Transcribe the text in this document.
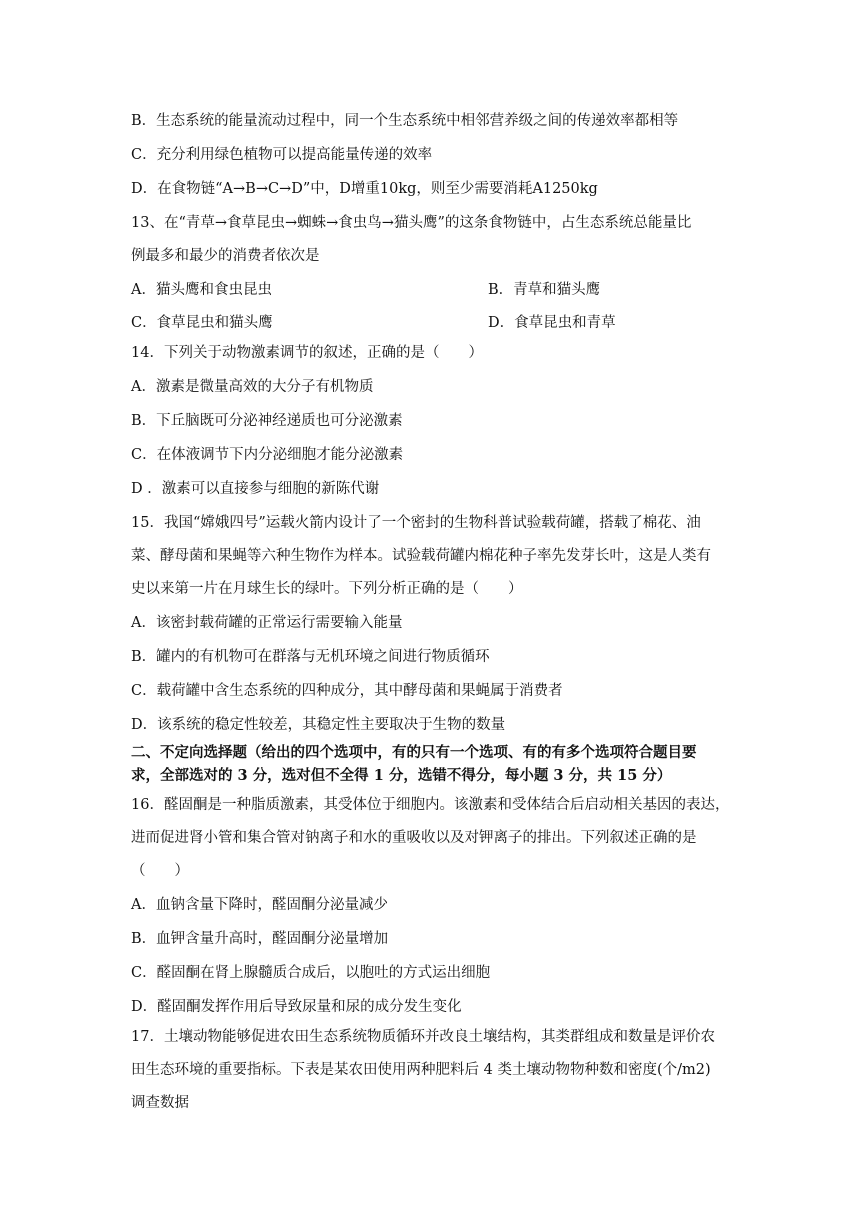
B．生态系统的能量流动过程中，同一个生态系统中相邻营养级之间的传递效率都相等
C．充分利用绿色植物可以提高能量传递的效率
D．在食物链“A→B→C→D”中，D增重10kg，则至少需要消耗A1250kg
13、在“青草→食草昆虫→蜘蛛→食虫鸟→猫头鹰”的这条食物链中，占生态系统总能量比
例最多和最少的消费者依次是
A．猫头鹰和食虫昆虫	B．青草和猫头鹰
C．食草昆虫和猫头鹰	D．食草昆虫和青草
14．下列关于动物激素调节的叙述，正确的是（　　）
A．激素是微量高效的大分子有机物质
B．下丘脑既可分泌神经递质也可分泌激素
C．在体液调节下内分泌细胞才能分泌激素
D ．激素可以直接参与细胞的新陈代谢
15．我国“嫦娥四号”运载火箭内设计了一个密封的生物科普试验载荷罐，搭载了棉花、油
菜、酵母菌和果蝇等六种生物作为样本。试验载荷罐内棉花种子率先发芽长叶，这是人类有
史以来第一片在月球生长的绿叶。下列分析正确的是（　　）
A．该密封载荷罐的正常运行需要输入能量
B．罐内的有机物可在群落与无机环境之间进行物质循环
C．载荷罐中含生态系统的四种成分，其中酵母菌和果蝇属于消费者
D．该系统的稳定性较差，其稳定性主要取决于生物的数量
二、不定向选择题（给出的四个选项中，有的只有一个选项、有的有多个选项符合题目要
求，全部选对的 3 分，选对但不全得 1 分，选错不得分，每小题 3 分，共 15 分）
16．醛固酮是一种脂质激素，其受体位于细胞内。该激素和受体结合后启动相关基因的表达，
进而促进肾小管和集合管对钠离子和水的重吸收以及对钾离子的排出。下列叙述正确的是
（　　）
A．血钠含量下降时，醛固酮分泌量减少
B．血钾含量升高时，醛固酮分泌量增加
C．醛固酮在肾上腺髓质合成后，以胞吐的方式运出细胞
D．醛固酮发挥作用后导致尿量和尿的成分发生变化
17．土壤动物能够促进农田生态系统物质循环并改良土壤结构，其类群组成和数量是评价农
田生态环境的重要指标。下表是某农田使用两种肥料后 4 类土壤动物物种数和密度(个/m2)
调查数据
